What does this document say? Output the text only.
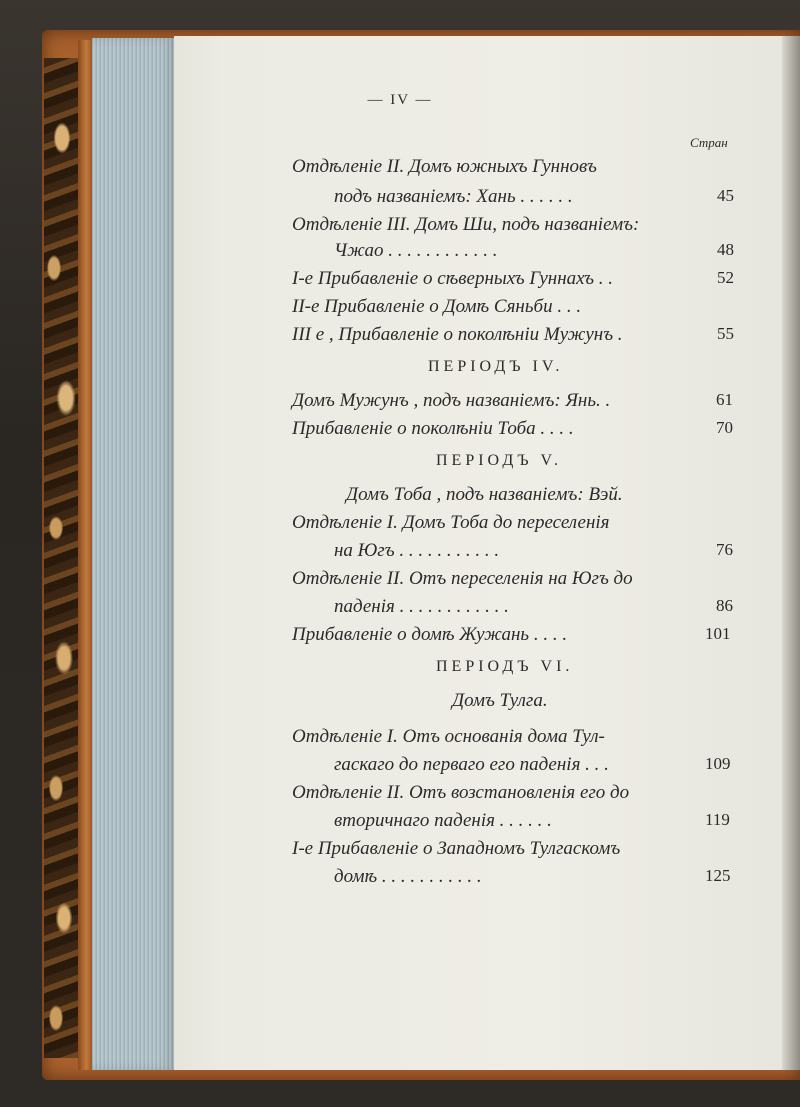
— IV —
Стран
Отдѣленіе II. Домъ южныхъ Гунновъ
подъ названіемъ: Хань . . . . . .
Отдѣленіе III. Домъ Ши, подъ названіемъ:
Чжао . . . . . . . . . . . .
I-е Прибавленіе о сѣверныхъ Гуннахъ . .
II-е Прибавленіе о Домѣ Сяньби . . .
III е , Прибавленіе о поколѣніи Мужунъ .
ПЕРIОДЪ IV.
Домъ Мужунъ , подъ названіемъ: Янь. .
Прибавленіе о поколѣніи Тоба . . . .
ПЕРIОДЪ V.
Домъ Тоба , подъ названіемъ: Вэй.
Отдѣленіе I. Домъ Тоба до переселенія
на Югъ . . . . . . . . . . .
Отдѣленіе II. Отъ переселенія на Югъ до
паденія . . . . . . . . . . . .
Прибавленіе о домѣ Жужань . . . .
ПЕРIОДЪ VI.
Домъ Тулга.
Отдѣленіе I. Отъ основанія дома Тул-
гаскаго до перваго его паденія . . .
Отдѣленіе II. Отъ возстановленія его до
вторичнаго паденія . . . . . .
I-е Прибавленіе о Западномъ Тулгаскомъ
домѣ . . . . . . . . . . .
45
48
52
55
61
70
76
86
101
109
119
125
